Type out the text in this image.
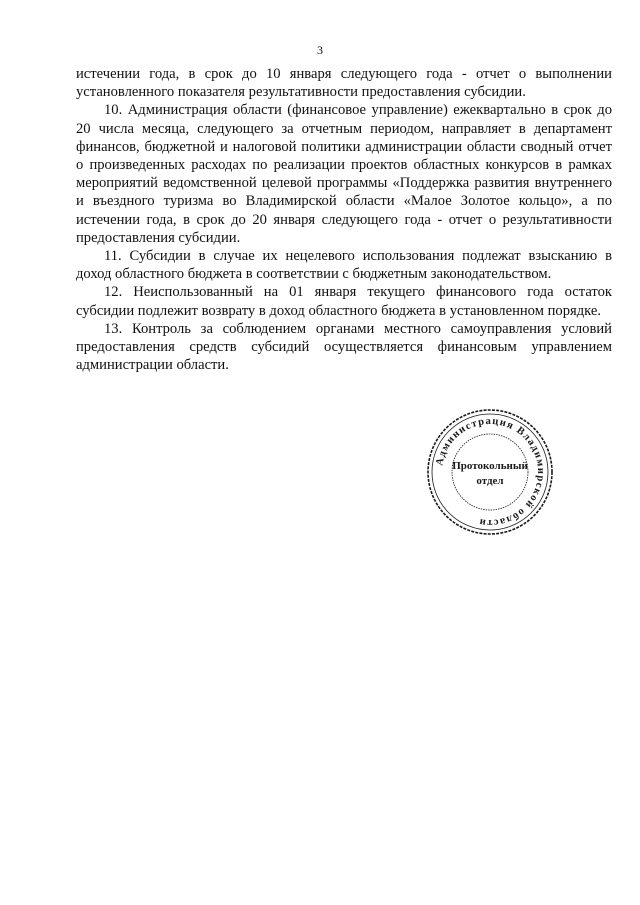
3

истечении года, в срок до 10 января следующего года - отчет о выполнении установленного показателя результативности предоставления субсидии.

10. Администрация области (финансовое управление) ежеквартально в срок до 20 числа месяца, следующего за отчетным периодом, направляет в департамент финансов, бюджетной и налоговой политики администрации области сводный отчет о произведенных расходах по реализации проектов областных конкурсов в рамках мероприятий ведомственной целевой программы «Поддержка развития внутреннего и въездного туризма во Владимирской области «Малое Золотое кольцо», а по истечении года, в срок до 20 января следующего года - отчет о результативности предоставления субсидии.

11. Субсидии в случае их нецелевого использования подлежат взысканию в доход областного бюджета в соответствии с бюджетным законодательством.

12. Неиспользованный на 01 января текущего финансового года остаток субсидии подлежит возврату в доход областного бюджета в установленном порядке.

13. Контроль за соблюдением органами местного самоуправления условий предоставления средств субсидий осуществляется финансовым управлением администрации области.

Администрация Владимирской области
Протокольный
отдел
